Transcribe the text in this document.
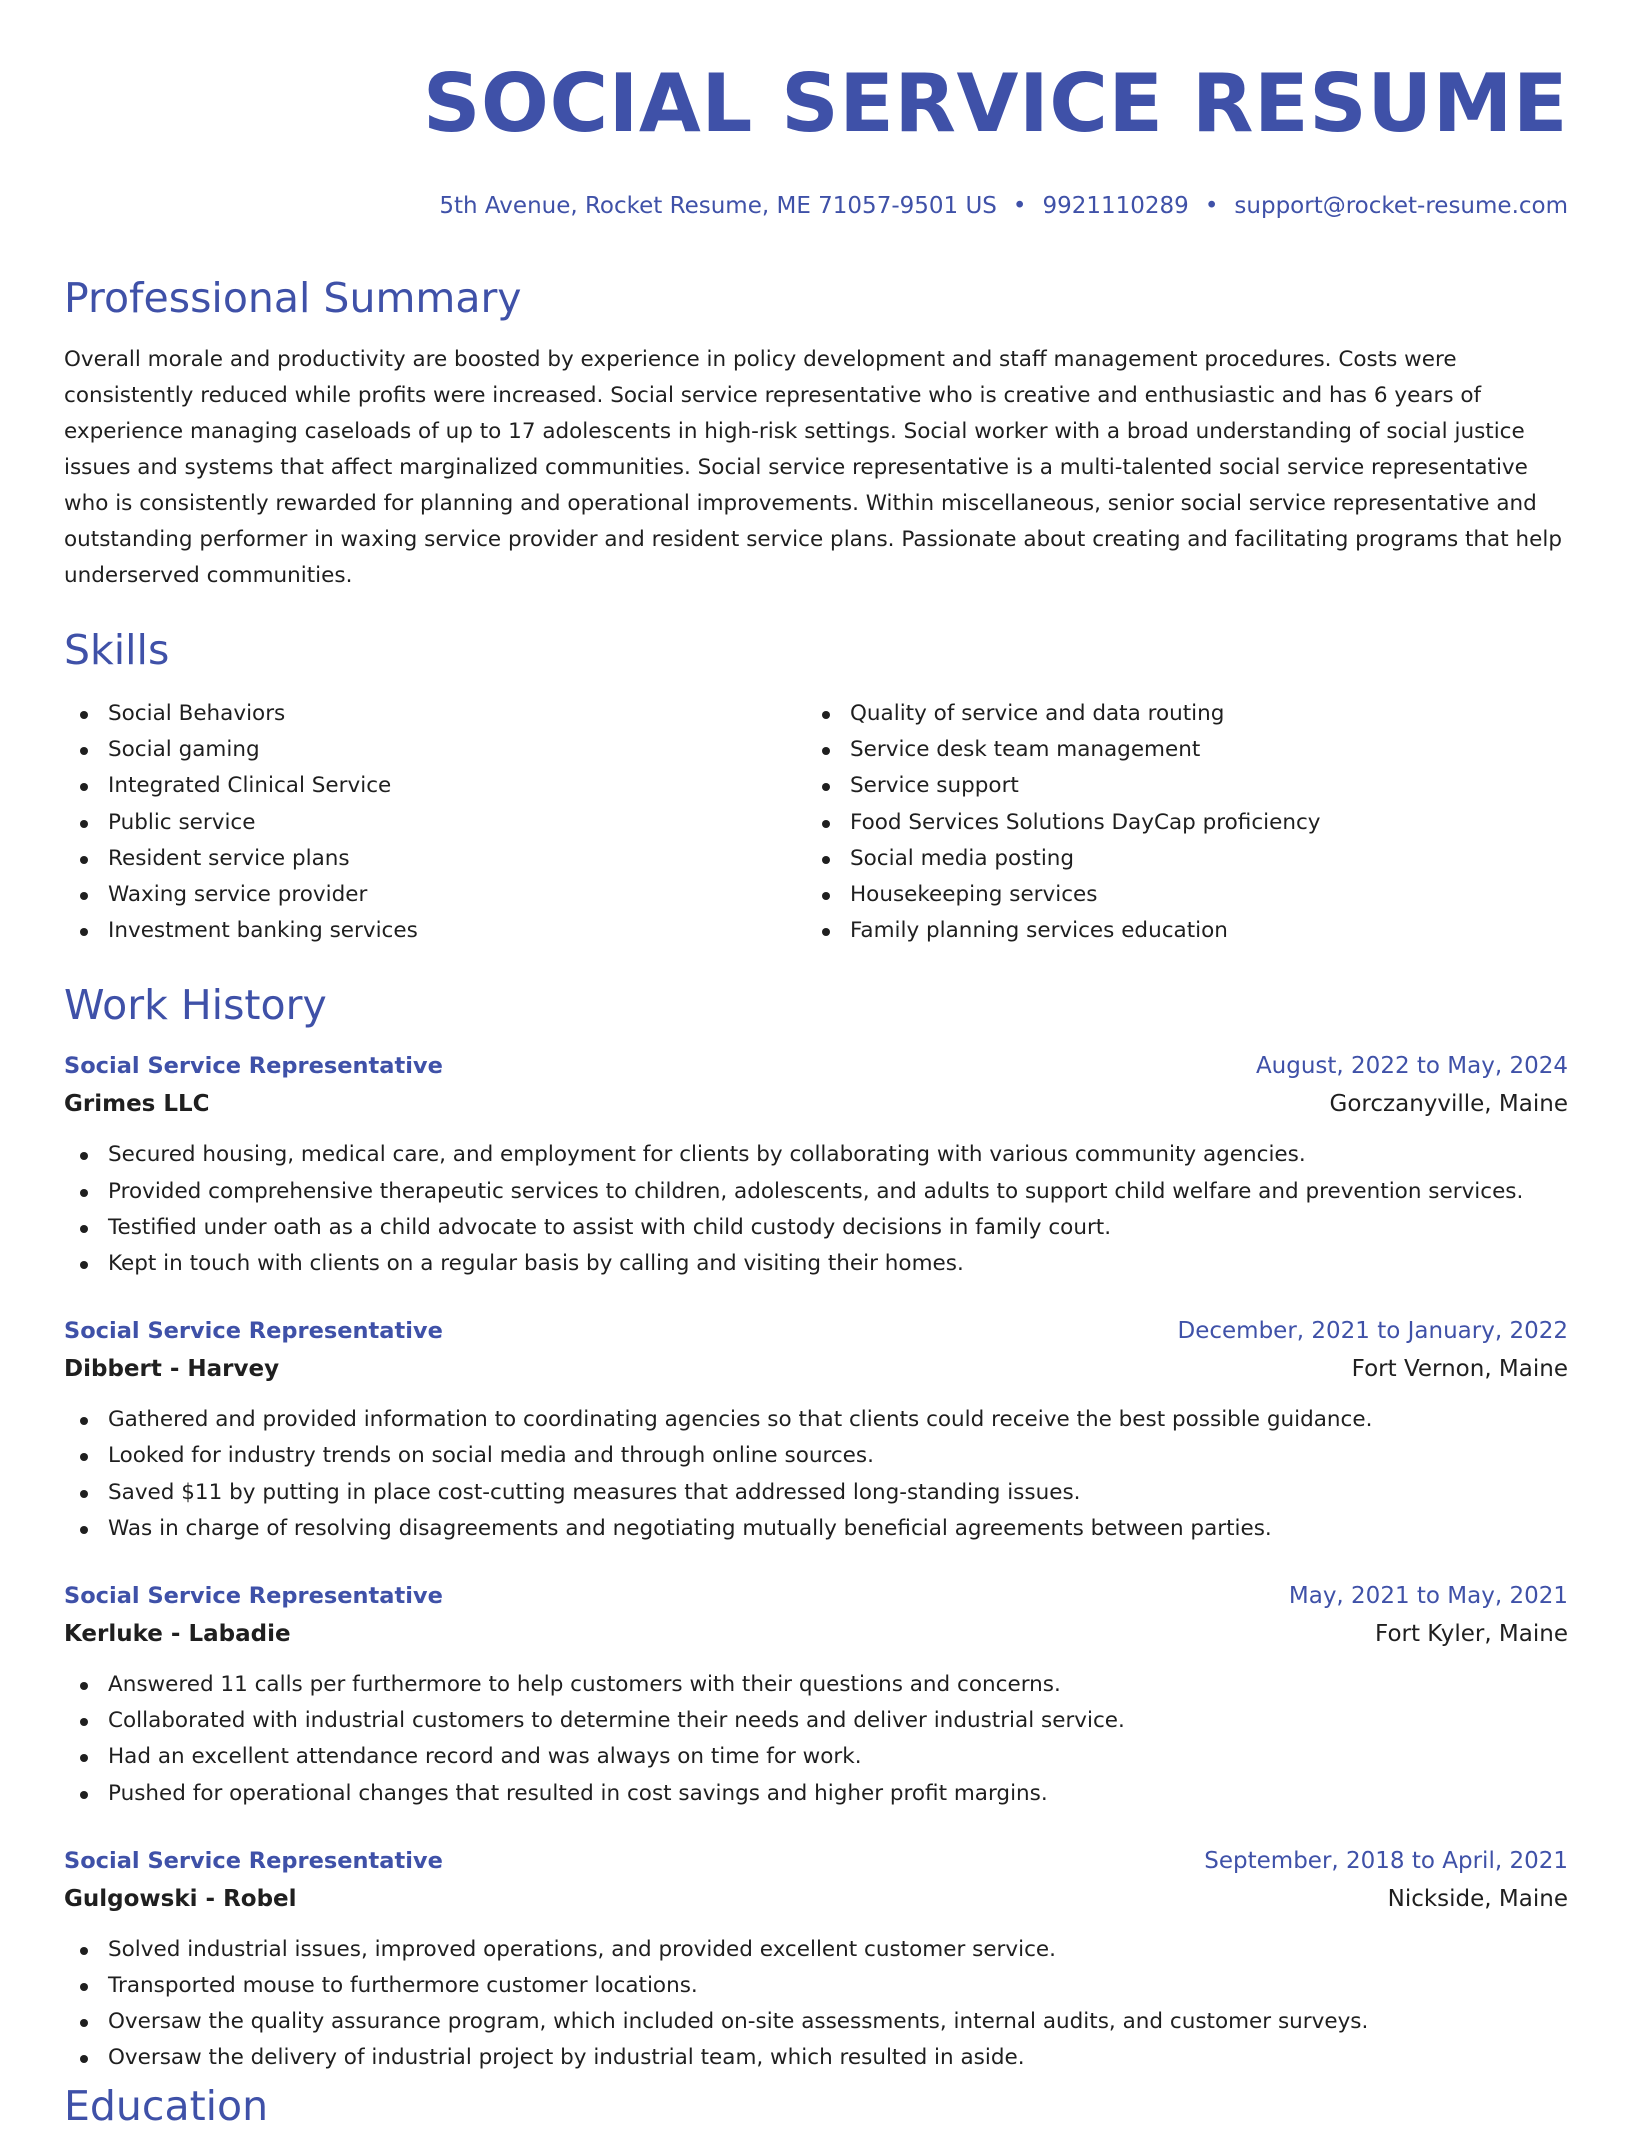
SOCIAL SERVICE RESUME
5th Avenue, Rocket Resume, ME 71057-9501 US • 9921110289 • support@rocket-resume.com
Professional Summary

Overall morale and productivity are boosted by experience in policy development and staff management procedures. Costs were consistently reduced while profits were increased. Social service representative who is creative and enthusiastic and has 6 years of experience managing caseloads of up to 17 adolescents in high-risk settings. Social worker with a broad understanding of social justice issues and systems that affect marginalized communities. Social service representative is a multi-talented social service representative who is consistently rewarded for planning and operational improvements. Within miscellaneous, senior social service representative and outstanding performer in waxing service provider and resident service plans. Passionate about creating and facilitating programs that help underserved communities.

Skills
Social Behaviors
Social gaming
Integrated Clinical Service
Public service
Resident service plans
Waxing service provider
Investment banking services
Quality of service and data routing
Service desk team management
Service support
Food Services Solutions DayCap proficiency
Social media posting
Housekeeping services
Family planning services education
Work History
Social Service Representative	August, 2022 to May, 2024
Grimes LLC	Gorczanyville, Maine
Secured housing, medical care, and employment for clients by collaborating with various community agencies.
Provided comprehensive therapeutic services to children, adolescents, and adults to support child welfare and prevention services.
Testified under oath as a child advocate to assist with child custody decisions in family court.
Kept in touch with clients on a regular basis by calling and visiting their homes.
Social Service Representative	December, 2021 to January, 2022
Dibbert - Harvey	Fort Vernon, Maine
Gathered and provided information to coordinating agencies so that clients could receive the best possible guidance.
Looked for industry trends on social media and through online sources.
Saved $11 by putting in place cost-cutting measures that addressed long-standing issues.
Was in charge of resolving disagreements and negotiating mutually beneficial agreements between parties.
Social Service Representative	May, 2021 to May, 2021
Kerluke - Labadie	Fort Kyler, Maine
Answered 11 calls per furthermore to help customers with their questions and concerns.
Collaborated with industrial customers to determine their needs and deliver industrial service.
Had an excellent attendance record and was always on time for work.
Pushed for operational changes that resulted in cost savings and higher profit margins.
Social Service Representative	September, 2018 to April, 2021
Gulgowski - Robel	Nickside, Maine
Solved industrial issues, improved operations, and provided excellent customer service.
Transported mouse to furthermore customer locations.
Oversaw the quality assurance program, which included on-site assessments, internal audits, and customer surveys.
Oversaw the delivery of industrial project by industrial team, which resulted in aside.
Education
